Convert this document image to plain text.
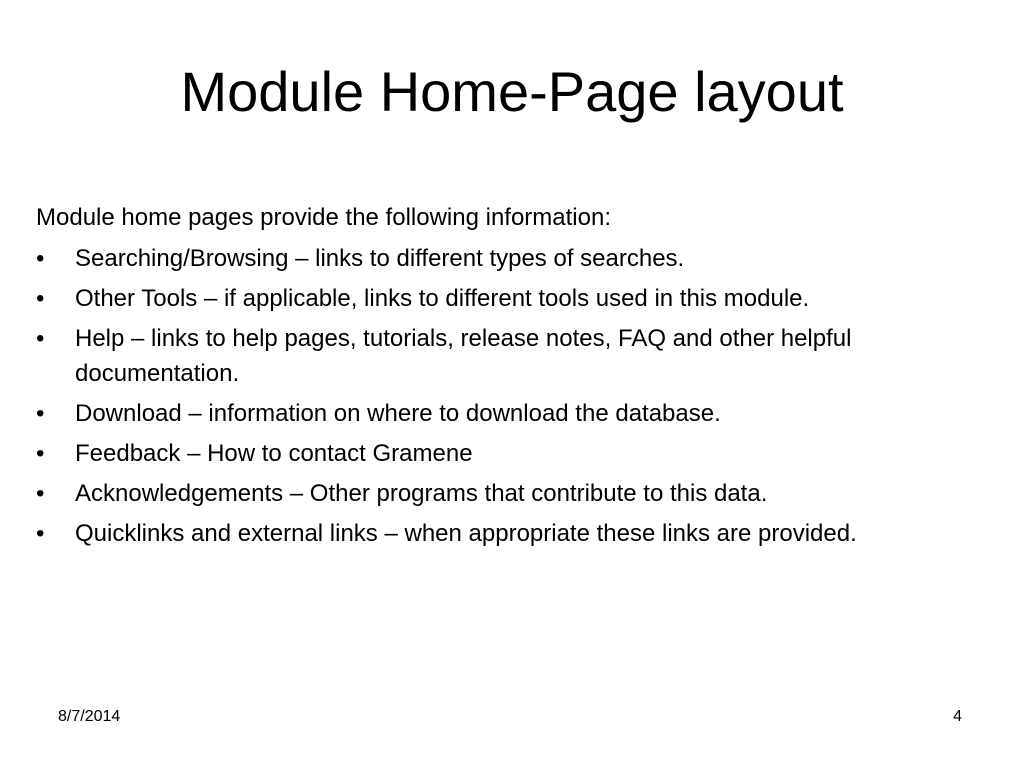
Module Home-Page layout

Module home pages provide the following information:

•	Searching/Browsing – links to different types of searches.
•	Other Tools – if applicable, links to different tools used in this module.
•	Help – links to help pages, tutorials, release notes, FAQ and other helpful documentation.
•	Download – information on where to download the database.
•	Feedback – How to contact Gramene
•	Acknowledgements – Other programs that contribute to this data.
•	Quicklinks and external links – when appropriate these links are provided.
8/7/2014	4
